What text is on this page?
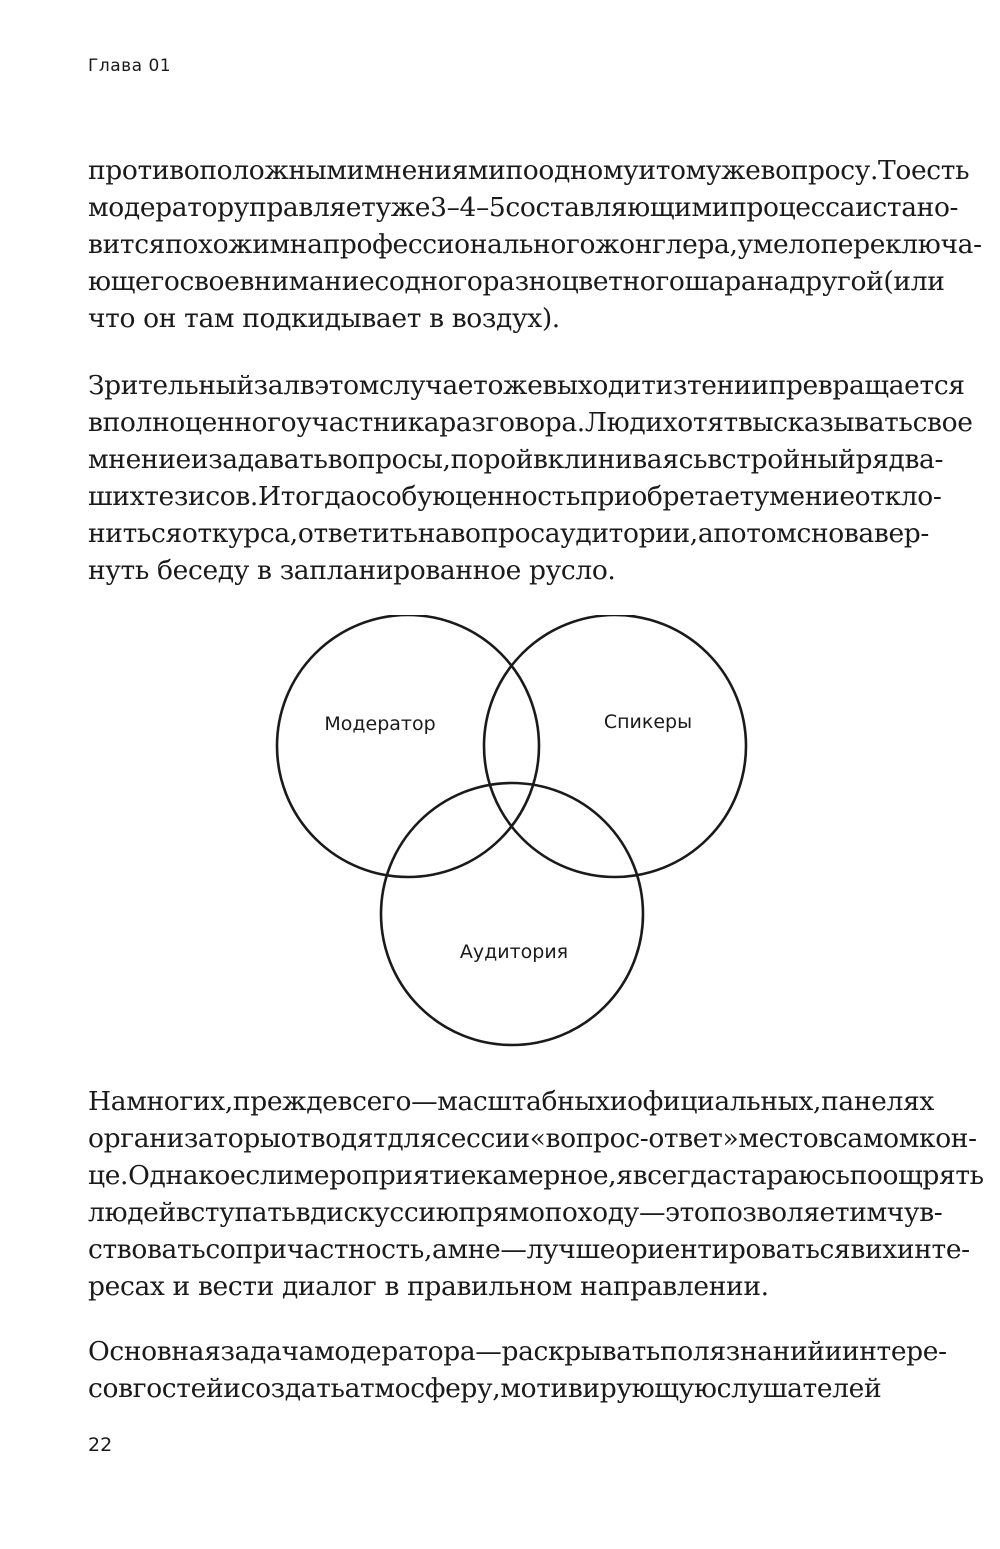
Глава 01
противоположнымимнениямипоодномуитомужевопросу.Тоесть
модераторуправляетуже3–4–5составляющимипроцессаистано-
витсяпохожимнапрофессиональногожонглера,умелопереключа-
ющегосвоевниманиесодногоразноцветногошаранадругой(или
что он там подкидывает в воздух).
Зрительныйзалвэтомслучаетожевыходитизтениипревращается
вполноценногоучастникаразговора.Людихотятвысказыватьсвое
мнениеизадаватьвопросы,поройвклиниваясьвстройныйрядва-
шихтезисов.Итогдаособуюценностьприобретаетумениеоткло-
нитьсяоткурса,ответитьнавопросаудитории,апотомсновавер-
нуть беседу в запланированное русло.
Модератор	Спикеры
Аудитория
Намногих,преждевсего—масштабныхиофициальных,панелях
организаторыотводятдлясессии«вопрос-ответ»местовсамомкон-
це.Однакоеслимероприятиекамерное,явсегдастараюсьпоощрять
людейвступатьвдискуссиюпрямопоходу—этопозволяетимчув-
ствоватьсопричастность,амне—лучшеориентироватьсявихинте-
ресах и вести диалог в правильном направлении.
Основнаязадачамодератора—раскрыватьполязнанийиинтере-
совгостейисоздатьатмосферу,мотивирующуюслушателей
22
